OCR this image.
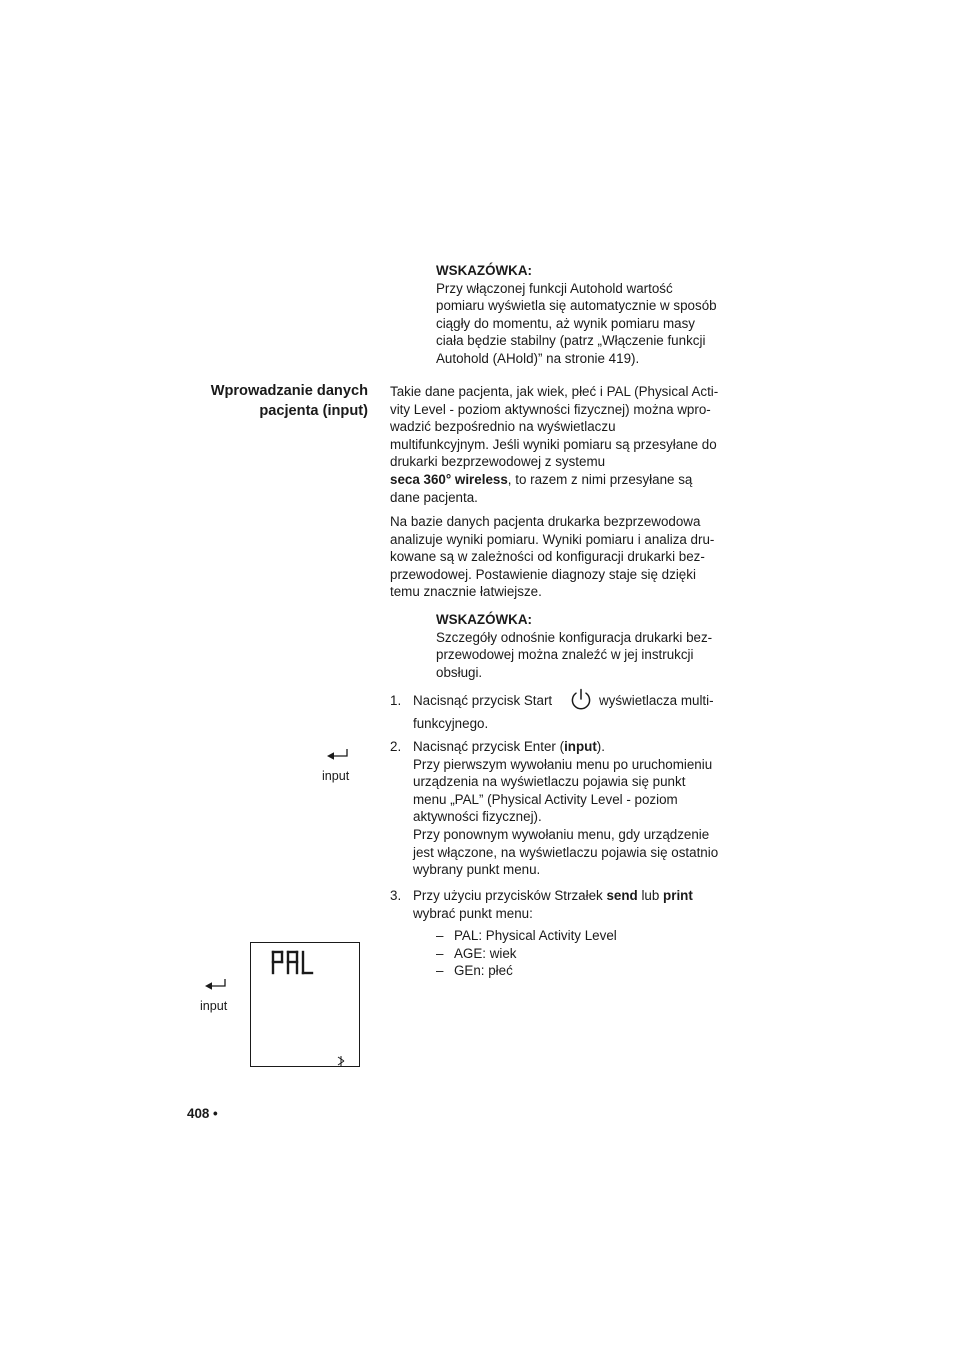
WSKAZÓWKA:

Przy włączonej funkcji Autohold wartość

pomiaru wyświetla się automatycznie w sposób

ciągły do momentu, aż wynik pomiaru masy

ciała będzie stabilny (patrz „Włączenie funkcji

Autohold (AHold)” na stronie 419).

Wprowadzanie danych

pacjenta (input)

Takie dane pacjenta, jak wiek, płeć i PAL (Physical Acti-

vity Level - poziom aktywności fizycznej) można wpro-

wadzić bezpośrednio na wyświetlaczu

multifunkcyjnym. Jeśli wyniki pomiaru są przesyłane do

drukarki bezprzewodowej z systemu

seca 360° wireless, to razem z nimi przesyłane są

dane pacjenta.

Na bazie danych pacjenta drukarka bezprzewodowa

analizuje wyniki pomiaru. Wyniki pomiaru i analiza dru-

kowane są w zależności od konfiguracji drukarki bez-

przewodowej. Postawienie diagnozy staje się dzięki

temu znacznie łatwiejsze.

WSKAZÓWKA:

Szczegóły odnośnie konfiguracja drukarki bez-

przewodowej można znaleźć w jej instrukcji

obsługi.

1. Nacisnąć przycisk Start	wyświetlacza multi-
funkcyjnego.
input
2. Nacisnąć przycisk Enter (input).

Przy pierwszym wywołaniu menu po uruchomieniu

urządzenia na wyświetlaczu pojawia się punkt

menu „PAL” (Physical Activity Level - poziom

aktywności fizycznej).

Przy ponownym wywołaniu menu, gdy urządzenie

jest włączone, na wyświetlaczu pojawia się ostatnio

wybrany punkt menu.

3. Przy użyciu przycisków Strzałek send lub print

wybrać punkt menu:

– PAL: Physical Activity Level
– AGE: wiek
– GEn: płeć
input
408 •
